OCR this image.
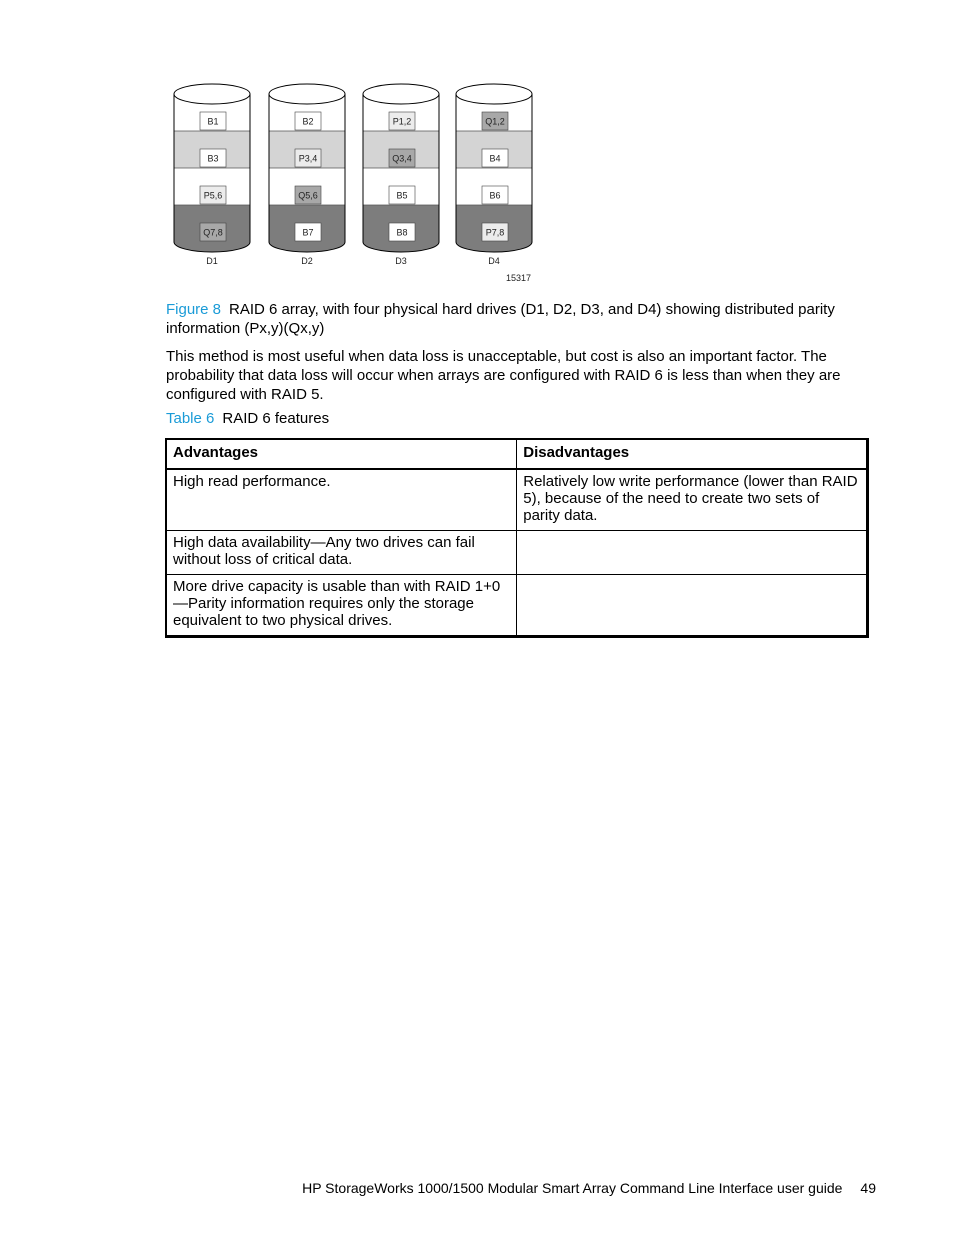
B1
B3
P5,6
Q7,8
D1
B2
P3,4
Q5,6
B7
D2
P1,2
Q3,4
B5
B8
D3
Q1,2
B4
B6
P7,8
D4
15317
Figure 8 RAID 6 array, with four physical hard drives (D1, D2, D3, and D4) showing distributed parity information (Px,y)(Qx,y)
This method is most useful when data loss is unacceptable, but cost is also an important factor. The probability that data loss will occur when arrays are configured with RAID 6 is less than when they are configured with RAID 5.
Table 6 RAID 6 features
Advantages	Disadvantages
High read performance.	Relatively low write performance (lower than RAID 5), because of the need to create two sets of parity data.
High data availability—Any two drives can fail without loss of critical data.	
More drive capacity is usable than with RAID 1+0—Parity information requires only the storage equivalent to two physical drives.	
HP StorageWorks 1000/1500 Modular Smart Array Command Line Interface user guide 49
